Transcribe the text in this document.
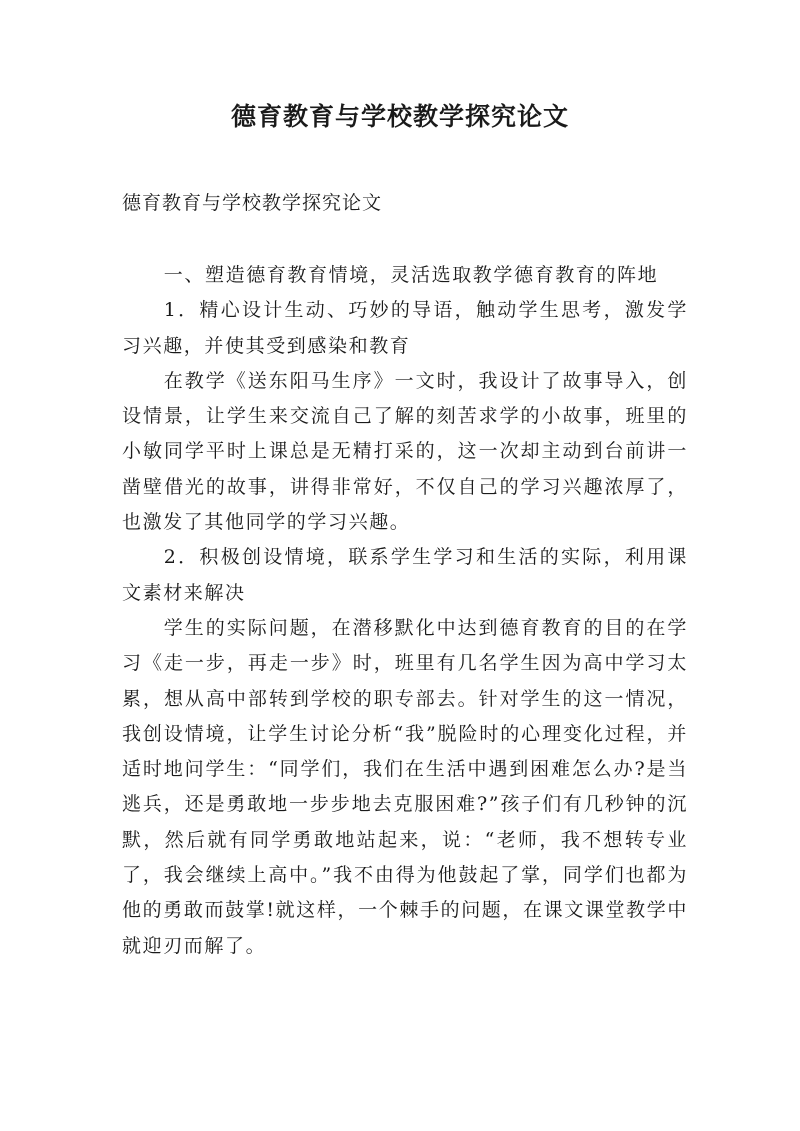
德育教育与学校教学探究论文
德育教育与学校教学探究论文

一、塑造德育教育情境，灵活选取教学德育教育的阵地

1．精心设计生动、巧妙的导语，触动学生思考，激发学习兴趣，并使其受到感染和教育

在教学《送东阳马生序》一文时，我设计了故事导入，创设情景，让学生来交流自己了解的刻苦求学的小故事，班里的小敏同学平时上课总是无精打采的，这一次却主动到台前讲一凿壁借光的故事，讲得非常好，不仅自己的学习兴趣浓厚了，也激发了其他同学的学习兴趣。

2．积极创设情境，联系学生学习和生活的实际，利用课文素材来解决

学生的实际问题，在潜移默化中达到德育教育的目的在学习《走一步，再走一步》时，班里有几名学生因为高中学习太累，想从高中部转到学校的职专部去。针对学生的这一情况，我创设情境，让学生讨论分析“我”脱险时的心理变化过程，并适时地问学生：“同学们，我们在生活中遇到困难怎么办?是当逃兵，还是勇敢地一步步地去克服困难?”孩子们有几秒钟的沉默，然后就有同学勇敢地站起来，说：“老师，我不想转专业了，我会继续上高中。”我不由得为他鼓起了掌，同学们也都为他的勇敢而鼓掌!就这样，一个棘手的问题，在课文课堂教学中就迎刃而解了。
